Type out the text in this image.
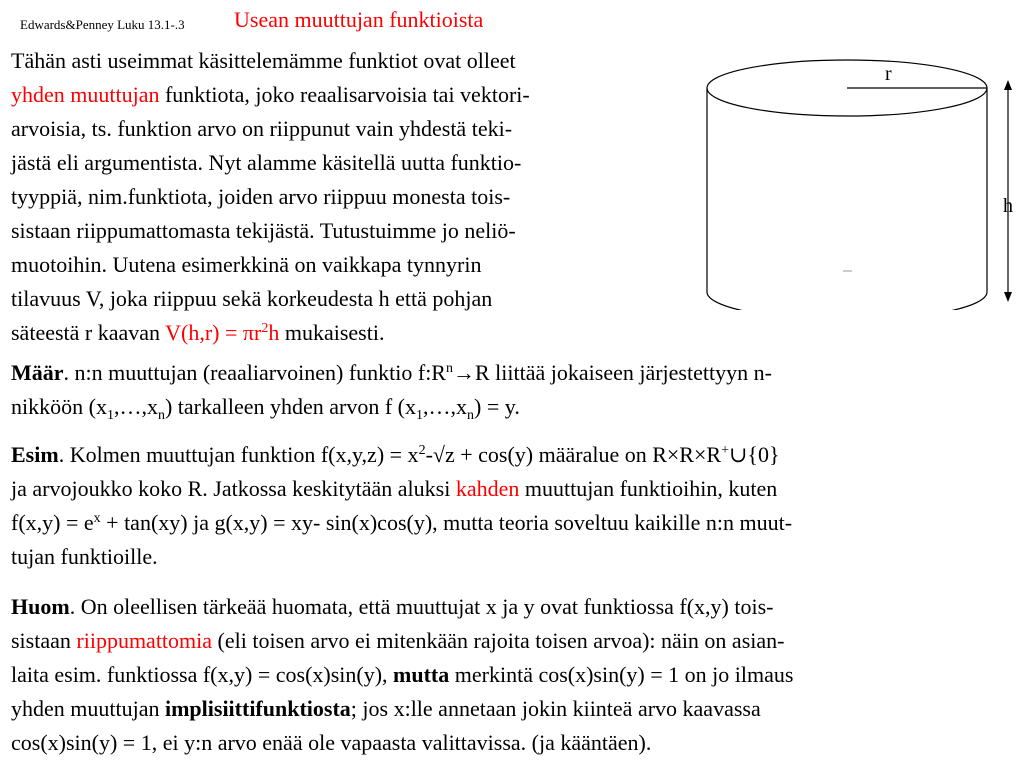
Edwards&Penney Luku 13.1-.3 Usean muuttujan funktioista
Tähän asti useimmat käsittelemämme funktiot ovat olleet
yhden muuttujan funktiota, joko reaalisarvoisia tai vektori-
arvoisia, ts. funktion arvo on riippunut vain yhdestä teki-
jästä eli argumentista. Nyt alamme käsitellä uutta funktio-
tyyppiä, nim.funktiota, joiden arvo riippuu monesta tois-
sistaan riippumattomasta tekijästä. Tutustuimme jo neliö-
muotoihin. Uutena esimerkkinä on vaikkapa tynnyrin
tilavuus V, joka riippuu sekä korkeudesta h että pohjan
säteestä r kaavan $V(h,r) = \pi r^2h$ mukaisesti.
r
h
Määr. n:n muuttujan (reaaliarvoinen) funktio $f:R^n\to R$ liittää jokaiseen järjestettyyn n-
nikköön $(x_1,\dots,x_n)$ tarkalleen yhden arvon f $(x_1,\dots,x_n) = y$.
Esim. Kolmen muuttujan funktion $f(x,y,z) = x^2-√z + \cos(y)$ määralue on R×R×R+∪{0}
ja arvojoukko koko R. Jatkossa keskitytään aluksi kahden muuttujan funktioihin, kuten
$f(x,y) = e^x + \tan(xy)$ ja g(x,y) = xy- sin(x)cos(y), mutta teoria soveltuu kaikille n:n muut-
tujan funktioille.
Huom. On oleellisen tärkeää huomata, että muuttujat x ja y ovat funktiossa f(x,y) tois-
sistaan riippumattomia (eli toisen arvo ei mitenkään rajoita toisen arvoa): näin on asian-
laita esim. funktiossa f(x,y) = cos(x)sin(y), mutta merkintä cos(x)sin(y) = 1 on jo ilmaus
yhden muuttujan implisiittifunktiosta; jos x:lle annetaan jokin kiinteä arvo kaavassa
cos(x)sin(y) = 1, ei y:n arvo enää ole vapaasta valittavissa. (ja kääntäen).
